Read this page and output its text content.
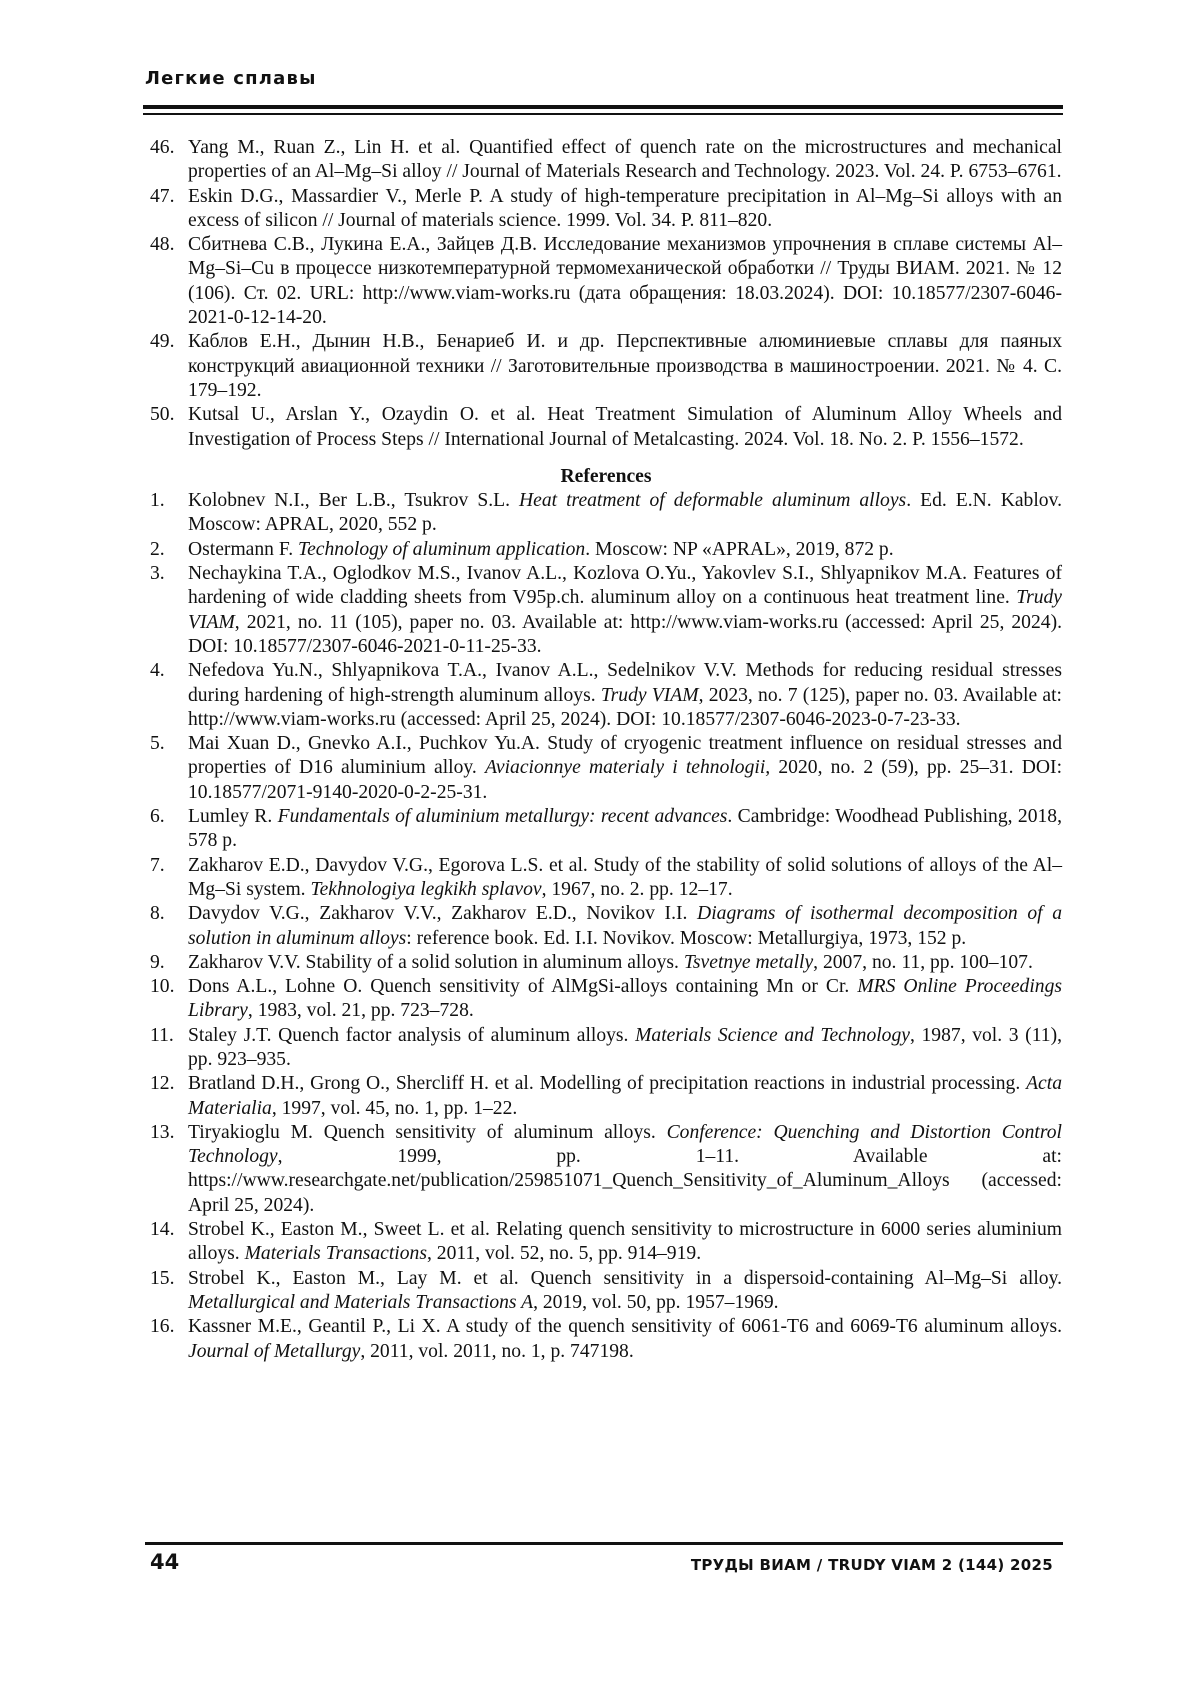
Легкие сплавы
46. Yang M., Ruan Z., Lin H. et al. Quantified effect of quench rate on the microstructures and mechanical properties of an Al–Mg–Si alloy // Journal of Materials Research and Technology. 2023. Vol. 24. P. 6753–6761.
47. Eskin D.G., Massardier V., Merle P. A study of high-temperature precipitation in Al–Mg–Si alloys with an excess of silicon // Journal of materials science. 1999. Vol. 34. P. 811–820.
48. Сбитнева С.В., Лукина Е.А., Зайцев Д.В. Исследование механизмов упрочнения в сплаве системы Al–Mg–Si–Cu в процессе низкотемпературной термомеханической обработки // Труды ВИАМ. 2021. № 12 (106). Ст. 02. URL: http://www.viam-works.ru (дата обращения: 18.03.2024). DOI: 10.18577/2307-6046-2021-0-12-14-20.
49. Каблов Е.Н., Дынин Н.В., Бенариеб И. и др. Перспективные алюминиевые сплавы для паяных конструкций авиационной техники // Заготовительные производства в машиностроении. 2021. № 4. С. 179–192.
50. Kutsal U., Arslan Y., Ozaydin O. et al. Heat Treatment Simulation of Aluminum Alloy Wheels and Investigation of Process Steps // International Journal of Metalcasting. 2024. Vol. 18. No. 2. P. 1556–1572.
References
1.	Kolobnev N.I., Ber L.B., Tsukrov S.L. Heat treatment of deformable aluminum alloys. Ed. E.N. Kablov. Moscow: APRAL, 2020, 552 p.
2.	Ostermann F. Technology of aluminum application. Moscow: NP «APRAL», 2019, 872 p.
3.	Nechaykina T.A., Oglodkov M.S., Ivanov A.L., Kozlova O.Yu., Yakovlev S.I., Shlyapnikov M.A. Features of hardening of wide cladding sheets from V95p.ch. aluminum alloy on a continuous heat treatment line. Trudy VIAM, 2021, no. 11 (105), paper no. 03. Available at: http://www.viam-works.ru (accessed: April 25, 2024). DOI: 10.18577/2307-6046-2021-0-11-25-33.
4.	Nefedova Yu.N., Shlyapnikova T.A., Ivanov A.L., Sedelnikov V.V. Methods for reducing residual stresses during hardening of high-strength aluminum alloys. Trudy VIAM, 2023, no. 7 (125), paper no. 03. Available at: http://www.viam-works.ru (accessed: April 25, 2024). DOI: 10.18577/2307-6046-2023-0-7-23-33.
5.	Mai Xuan D., Gnevko A.I., Puchkov Yu.A. Study of cryogenic treatment influence on residual stresses and properties of D16 aluminium alloy. Aviacionnye materialy i tehnologii, 2020, no. 2 (59), pp. 25–31. DOI: 10.18577/2071-9140-2020-0-2-25-31.
6.	Lumley R. Fundamentals of aluminium metallurgy: recent advances. Cambridge: Woodhead Publishing, 2018, 578 p.
7.	Zakharov E.D., Davydov V.G., Egorova L.S. et al. Study of the stability of solid solutions of alloys of the Al–Mg–Si system. Tekhnologiya legkikh splavov, 1967, no. 2. pp. 12–17.
8.	Davydov V.G., Zakharov V.V., Zakharov E.D., Novikov I.I. Diagrams of isothermal decomposition of a solution in aluminum alloys: reference book. Ed. I.I. Novikov. Moscow: Metallurgiya, 1973, 152 p.
9.	Zakharov V.V. Stability of a solid solution in aluminum alloys. Tsvetnye metally, 2007, no. 11, pp. 100–107.
10. Dons A.L., Lohne O. Quench sensitivity of AlMgSi-alloys containing Mn or Cr. MRS Online Proceedings Library, 1983, vol. 21, pp. 723–728.
11. Staley J.T. Quench factor analysis of aluminum alloys. Materials Science and Technology, 1987, vol. 3 (11), pp. 923–935.
12. Bratland D.H., Grong O., Shercliff H. et al. Modelling of precipitation reactions in industrial processing. Acta Materialia, 1997, vol. 45, no. 1, pp. 1–22.
13. Tiryakioglu M. Quench sensitivity of aluminum alloys. Conference: Quenching and Distortion Control Technology, 1999, pp. 1–11. Available at: https://www.researchgate.net/publication/259851071_Quench_Sensitivity_of_Aluminum_Alloys (accessed: April 25, 2024).
14. Strobel K., Easton M., Sweet L. et al. Relating quench sensitivity to microstructure in 6000 series aluminium alloys. Materials Transactions, 2011, vol. 52, no. 5, pp. 914–919.
15. Strobel K., Easton M., Lay M. et al. Quench sensitivity in a dispersoid-containing Al–Mg–Si alloy. Metallurgical and Materials Transactions A, 2019, vol. 50, pp. 1957–1969.
16. Kassner M.E., Geantil P., Li X. A study of the quench sensitivity of 6061-T6 and 6069-T6 aluminum alloys. Journal of Metallurgy, 2011, vol. 2011, no. 1, p. 747198.
44	ТРУДЫ ВИАМ / TRUDY VIAM 2 (144) 2025
